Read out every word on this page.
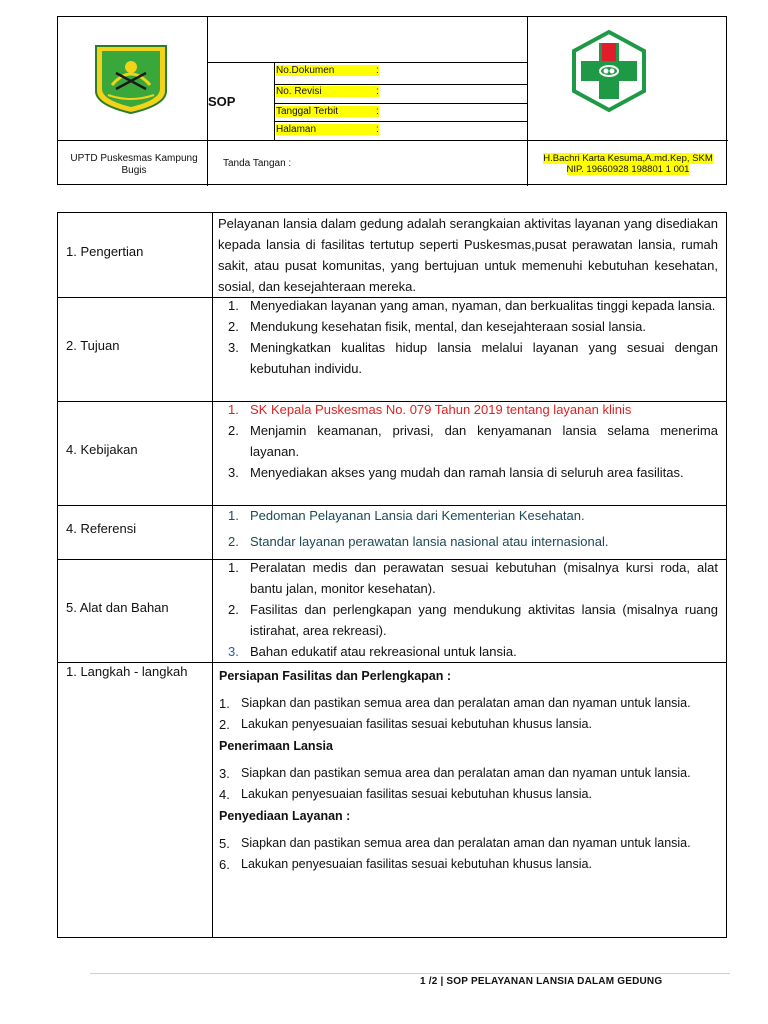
SOP
No.Dokumen	:
No. Revisi	:
Tanggal Terbit	:
Halaman	:
UPTD Puskesmas Kampung Bugis
Tanda Tangan :	H.Bachri Karta Kesuma,A.md.Kep, SKM
NIP. 19660928 198801 1 001
1. Pengertian
Pelayanan lansia dalam gedung adalah serangkaian aktivitas layanan yang disediakan kepada lansia di fasilitas tertutup seperti Puskesmas,pusat perawatan lansia, rumah sakit, atau pusat komunitas, yang bertujuan untuk memenuhi kebutuhan kesehatan, sosial, dan kesejahteraan mereka.
2. Tujuan
1. Menyediakan layanan yang aman, nyaman, dan berkualitas tinggi kepada lansia.
2. Mendukung kesehatan fisik, mental, dan kesejahteraan sosial lansia.
3. Meningkatkan kualitas hidup lansia melalui layanan yang sesuai dengan kebutuhan individu.
4. Kebijakan
1. SK Kepala Puskesmas No. 079 Tahun 2019 tentang layanan klinis
2. Menjamin keamanan, privasi, dan kenyamanan lansia selama menerima layanan.
3. Menyediakan akses yang mudah dan ramah lansia di seluruh area fasilitas.
4. Referensi
1. Pedoman Pelayanan Lansia dari Kementerian Kesehatan.
2. Standar layanan perawatan lansia nasional atau internasional.
5. Alat dan Bahan
1. Peralatan medis dan perawatan sesuai kebutuhan (misalnya kursi roda, alat bantu jalan, monitor kesehatan).
2. Fasilitas dan perlengkapan yang mendukung aktivitas lansia (misalnya ruang istirahat, area rekreasi).
3. Bahan edukatif atau rekreasional untuk lansia.
1. Langkah - langkah	Persiapan Fasilitas dan Perlengkapan :
1. Siapkan dan pastikan semua area dan peralatan aman dan nyaman untuk lansia.
2. Lakukan penyesuaian fasilitas sesuai kebutuhan khusus lansia.
Penerimaan Lansia
3. Siapkan dan pastikan semua area dan peralatan aman dan nyaman untuk lansia.
4. Lakukan penyesuaian fasilitas sesuai kebutuhan khusus lansia.
Penyediaan Layanan :
5. Siapkan dan pastikan semua area dan peralatan aman dan nyaman untuk lansia.
6. Lakukan penyesuaian fasilitas sesuai kebutuhan khusus lansia.
1 /2 | SOP PELAYANAN LANSIA DALAM GEDUNG
